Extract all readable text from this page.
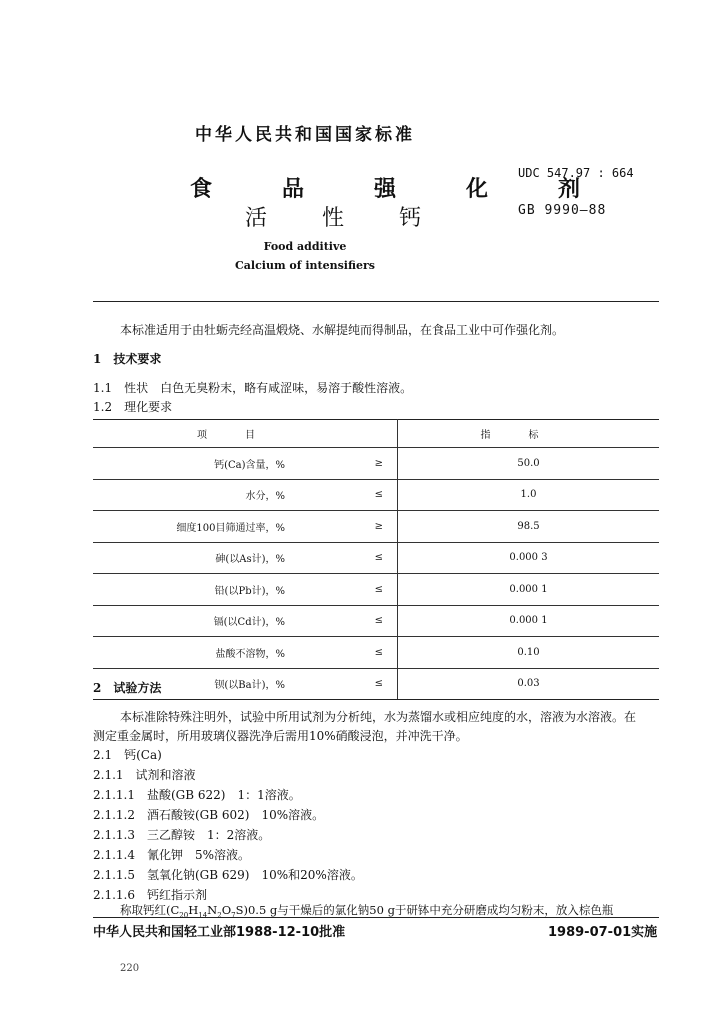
中华人民共和国国家标准
食品强化剂
活性钙
UDC 547.97 : 664
GB 9990—88
Food additive
Calcium of intensifiers
本标准适用于由牡蛎壳经高温煅烧、水解提纯而得制品，在食品工业中可作强化剂。
1　技术要求
1.1　性状　白色无臭粉末，略有咸涩味，易溶于酸性溶液。
1.2　理化要求
项目		指标
钙(Ca)含量，%	≥	50.0
水分，%	≤	1.0
细度100目筛通过率，%	≥	98.5
砷(以As计)，%	≤	0.000 3
铅(以Pb计)，%	≤	0.000 1
镉(以Cd计)，%	≤	0.000 1
盐酸不溶物，%	≤	0.10
钡(以Ba计)，%	≤	0.03
2　试验方法
本标准除特殊注明外，试验中所用试剂为分析纯，水为蒸馏水或相应纯度的水，溶液为水溶液。在
测定重金属时，所用玻璃仪器洗净后需用10%硝酸浸泡，并冲洗干净。
2.1　钙(Ca)
2.1.1　试剂和溶液
2.1.1.1　盐酸(GB 622)　1：1溶液。
2.1.1.2　酒石酸铵(GB 602)　10%溶液。
2.1.1.3　三乙醇铵　1：2溶液。
2.1.1.4　氰化钾　5%溶液。
2.1.1.5　氢氧化钠(GB 629)　10%和20%溶液。
2.1.1.6　钙红指示剂
称取钙红$(C_{20}H_{14}N_2O_7S)0.5$ g与干燥后的氯化钠50 g于研钵中充分研磨成均匀粉末，放入棕色瓶
中华人民共和国轻工业部1988-12-10批准	1989-07-01实施
220
